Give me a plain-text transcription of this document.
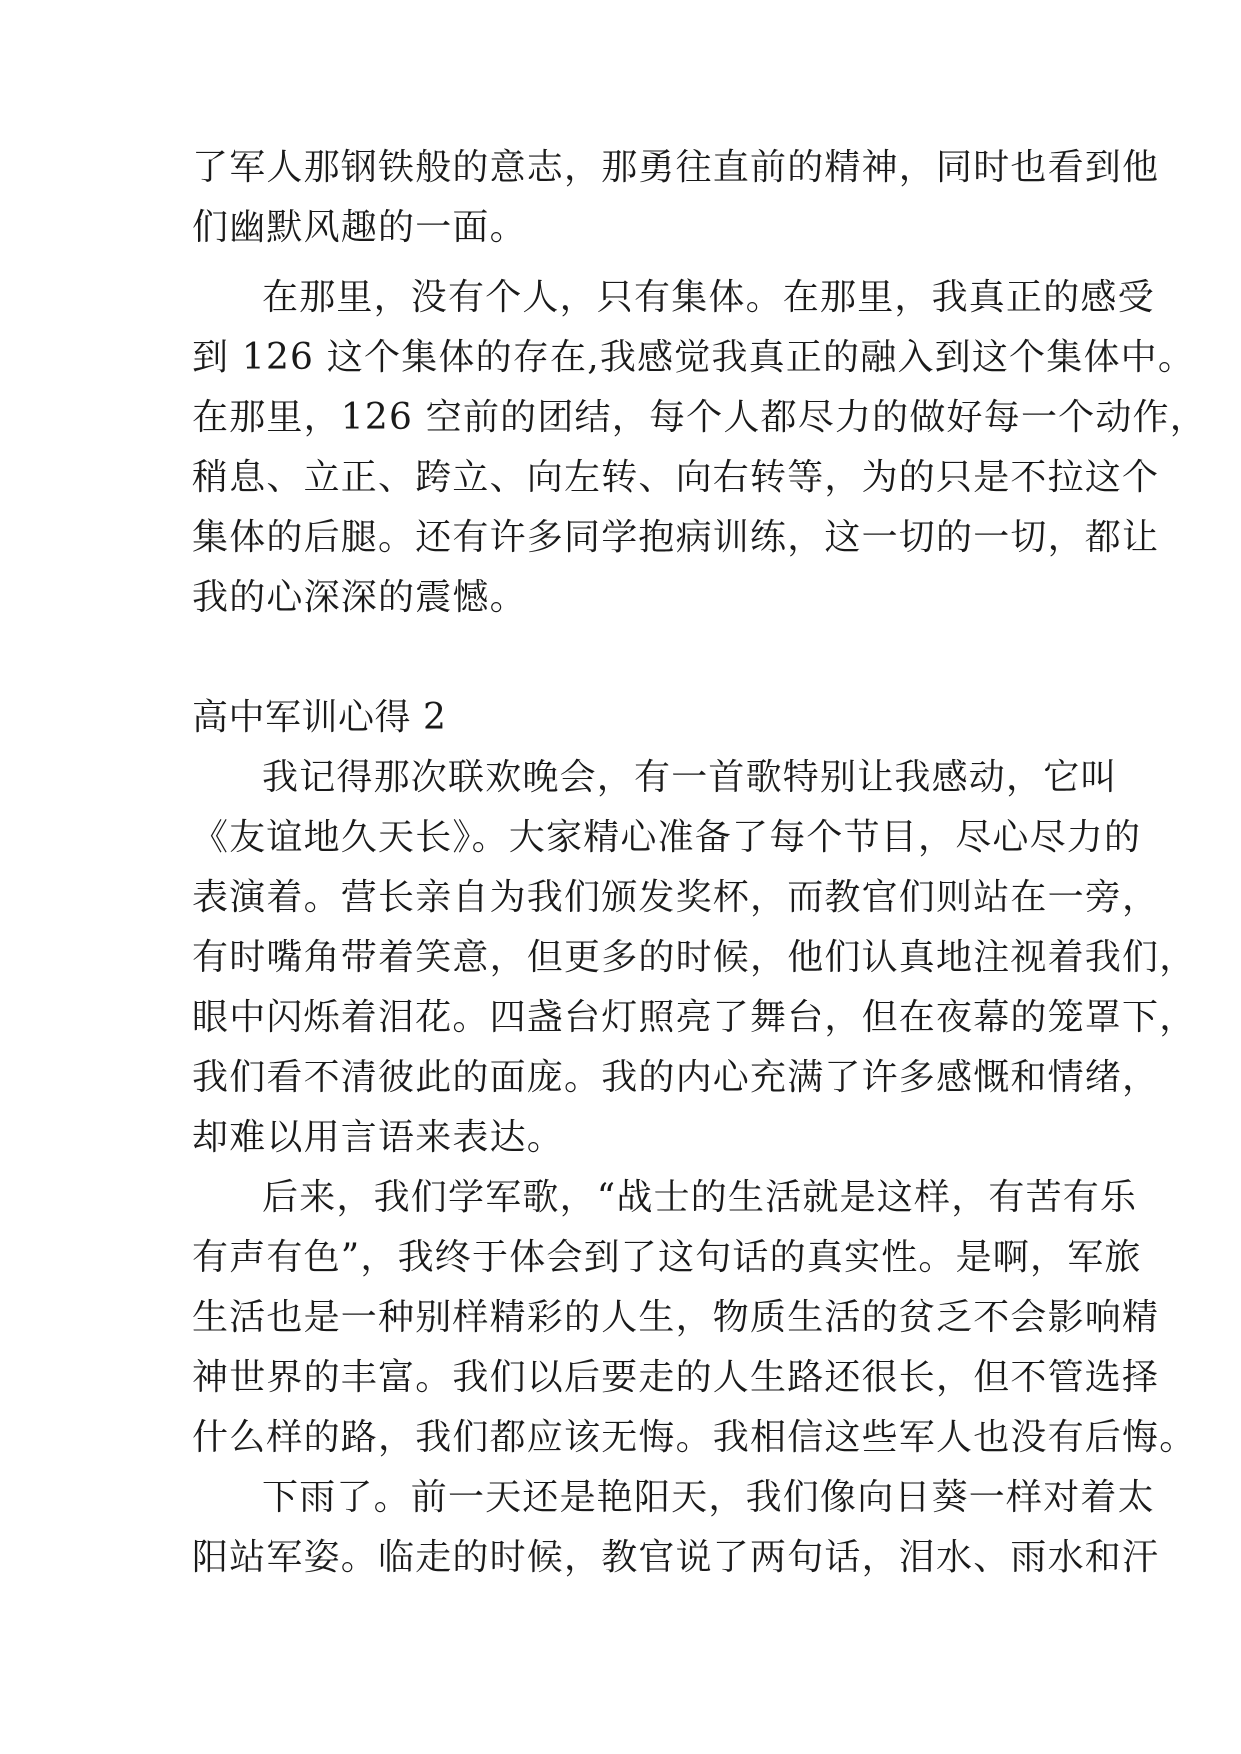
了军人那钢铁般的意志，那勇往直前的精神，同时也看到他

们幽默风趣的一面。

在那里，没有个人，只有集体。在那里，我真正的感受

到 126 这个集体的存在,我感觉我真正的融入到这个集体中。

在那里，126 空前的团结，每个人都尽力的做好每一个动作，

稍息、立正、跨立、向左转、向右转等，为的只是不拉这个

集体的后腿。还有许多同学抱病训练，这一切的一切，都让

我的心深深的震憾。

高中军训心得 2

我记得那次联欢晚会，有一首歌特别让我感动，它叫

《友谊地久天长》。大家精心准备了每个节目，尽心尽力的

表演着。营长亲自为我们颁发奖杯，而教官们则站在一旁，

有时嘴角带着笑意，但更多的时候，他们认真地注视着我们，

眼中闪烁着泪花。四盏台灯照亮了舞台，但在夜幕的笼罩下，

我们看不清彼此的面庞。我的内心充满了许多感慨和情绪，

却难以用言语来表达。

后来，我们学军歌，“战士的生活就是这样，有苦有乐

有声有色”，我终于体会到了这句话的真实性。是啊，军旅

生活也是一种别样精彩的人生，物质生活的贫乏不会影响精

神世界的丰富。我们以后要走的人生路还很长，但不管选择

什么样的路，我们都应该无悔。我相信这些军人也没有后悔。

下雨了。前一天还是艳阳天，我们像向日葵一样对着太

阳站军姿。临走的时候，教官说了两句话，泪水、雨水和汗
